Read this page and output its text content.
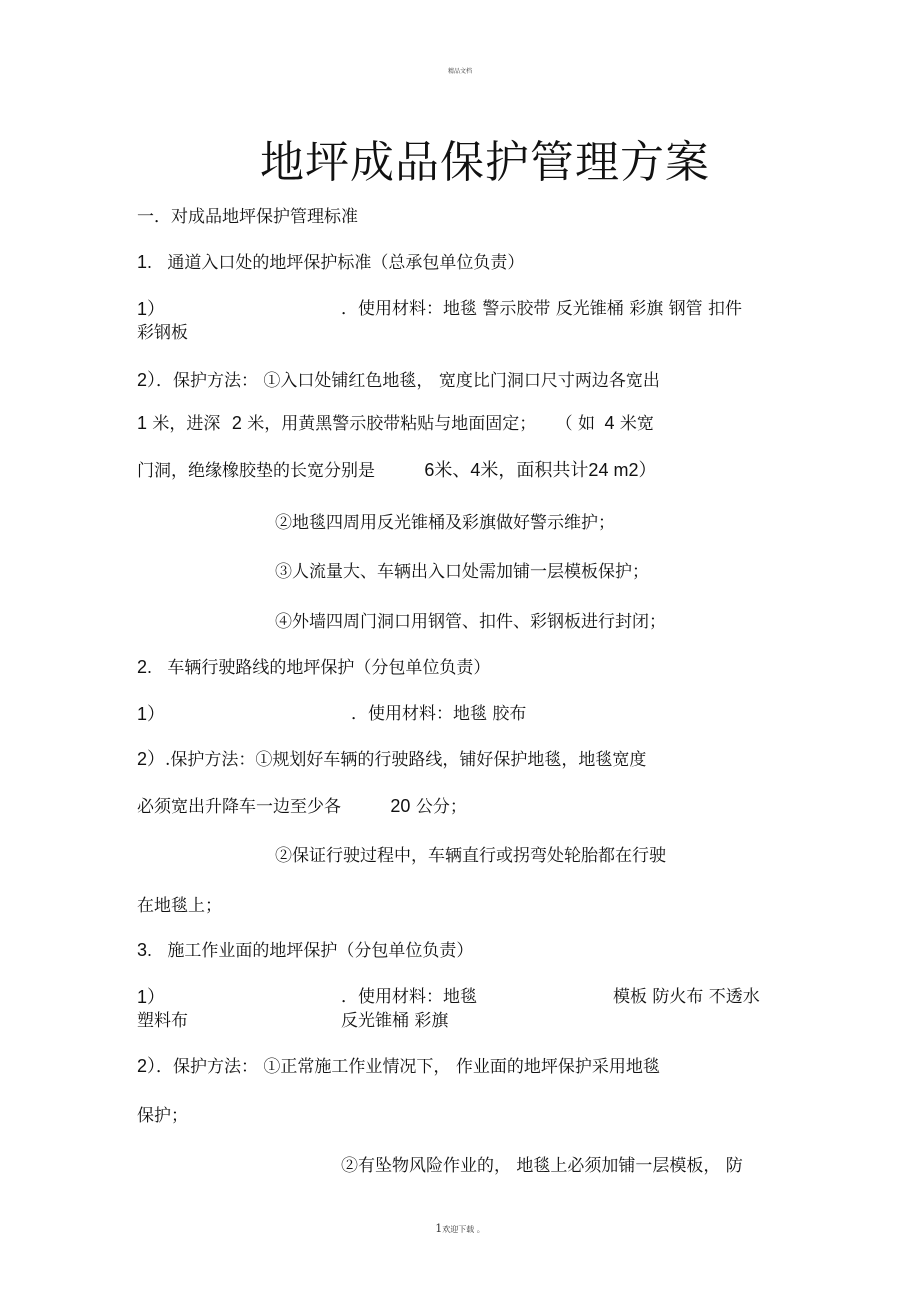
精品文档
地坪成品保护管理方案
一．对成品地坪保护管理标准
1. 通道入口处的地坪保护标准（总承包单位负责）
1）	．使用材料：地毯 警示胶带 反光锥桶 彩旗 钢管 扣件
彩钢板
2）．保护方法： ①入口处铺红色地毯， 宽度比门洞口尺寸两边各宽出
1 米，进深 2 米，用黄黑警示胶带粘贴与地面固定； （ 如 4 米宽
门洞，绝缘橡胶垫的长宽分别是	6米、4米，面积共计24 m2）
②地毯四周用反光锥桶及彩旗做好警示维护；
③人流量大、车辆出入口处需加铺一层模板保护；
④外墙四周门洞口用钢管、扣件、彩钢板进行封闭；
2. 车辆行驶路线的地坪保护（分包单位负责）
1）	．使用材料：地毯 胶布
2）.保护方法：①规划好车辆的行驶路线，铺好保护地毯，地毯宽度
必须宽出升降车一边至少各	20 公分；
②保证行驶过程中，车辆直行或拐弯处轮胎都在行驶
在地毯上；
3. 施工作业面的地坪保护（分包单位负责）
1）	．使用材料：地毯	模板 防火布 不透水
塑料布	反光锥桶 彩旗
2）．保护方法： ①正常施工作业情况下， 作业面的地坪保护采用地毯
保护；
②有坠物风险作业的， 地毯上必须加铺一层模板， 防
1欢迎下载 。
